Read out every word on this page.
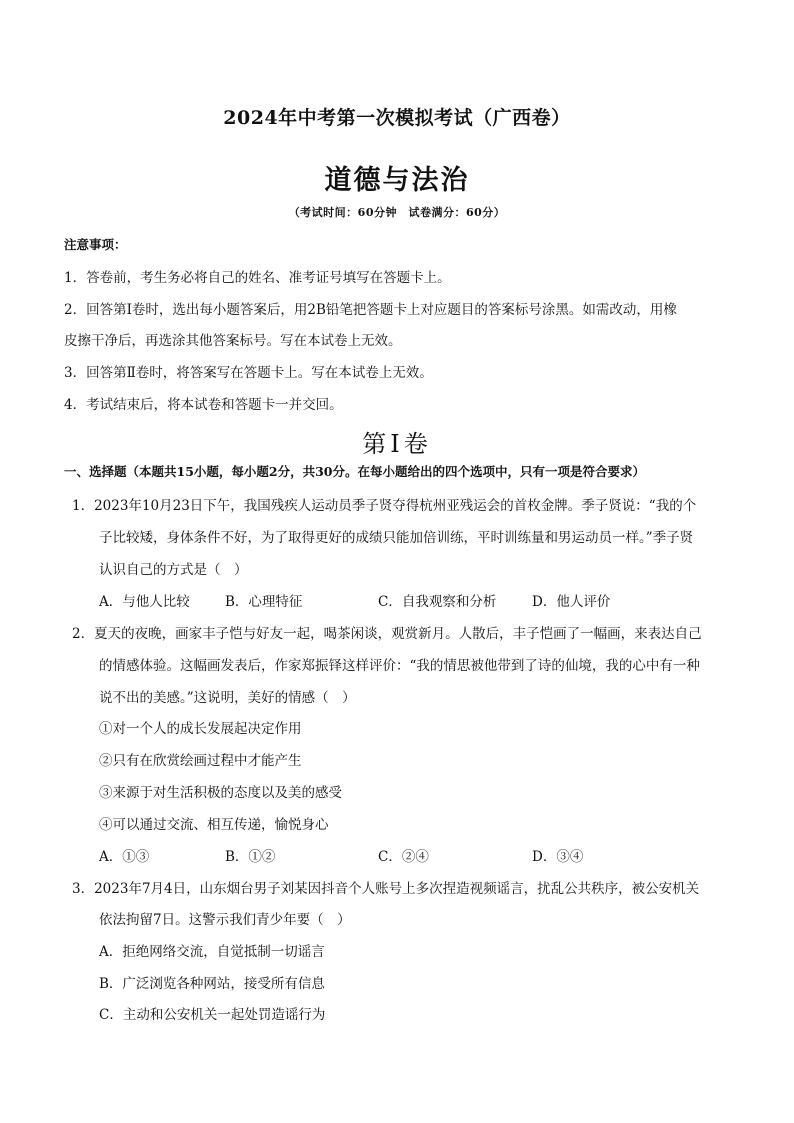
2024年中考第一次模拟考试（广西卷）
道德与法治
（考试时间：60分钟　试卷满分：60分）
注意事项：
1．答卷前，考生务必将自己的姓名、准考证号填写在答题卡上。
2．回答第Ⅰ卷时，选出每小题答案后，用2B铅笔把答题卡上对应题目的答案标号涂黑。如需改动，用橡
皮擦干净后，再选涂其他答案标号。写在本试卷上无效。
3．回答第Ⅱ卷时，将答案写在答题卡上。写在本试卷上无效。
4．考试结束后，将本试卷和答题卡一并交回。
第Ⅰ卷
一、选择题（本题共15小题，每小题2分，共30分。在每小题给出的四个选项中，只有一项是符合要求）
1．2023年10月23日下午，我国残疾人运动员季子贤夺得杭州亚残运会的首枚金牌。季子贤说：“我的个
子比较矮，身体条件不好，为了取得更好的成绩只能加倍训练，平时训练量和男运动员一样。”季子贤
认识自己的方式是（　）
A．与他人比较	B．心理特征	C．自我观察和分析	D．他人评价
2．夏天的夜晚，画家丰子恺与好友一起，喝茶闲谈，观赏新月。人散后，丰子恺画了一幅画，来表达自己
的情感体验。这幅画发表后，作家郑振铎这样评价：“我的情思被他带到了诗的仙境，我的心中有一种
说不出的美感。”这说明，美好的情感（　）
①对一个人的成长发展起决定作用
②只有在欣赏绘画过程中才能产生
③来源于对生活积极的态度以及美的感受
④可以通过交流、相互传递，愉悦身心
A．①③	B．①②	C．②④	D．③④
3．2023年7月4日，山东烟台男子刘某因抖音个人账号上多次捏造视频谣言，扰乱公共秩序，被公安机关
依法拘留7日。这警示我们青少年要（　）
A．拒绝网络交流，自觉抵制一切谣言
B．广泛浏览各种网站，接受所有信息
C．主动和公安机关一起处罚造谣行为
